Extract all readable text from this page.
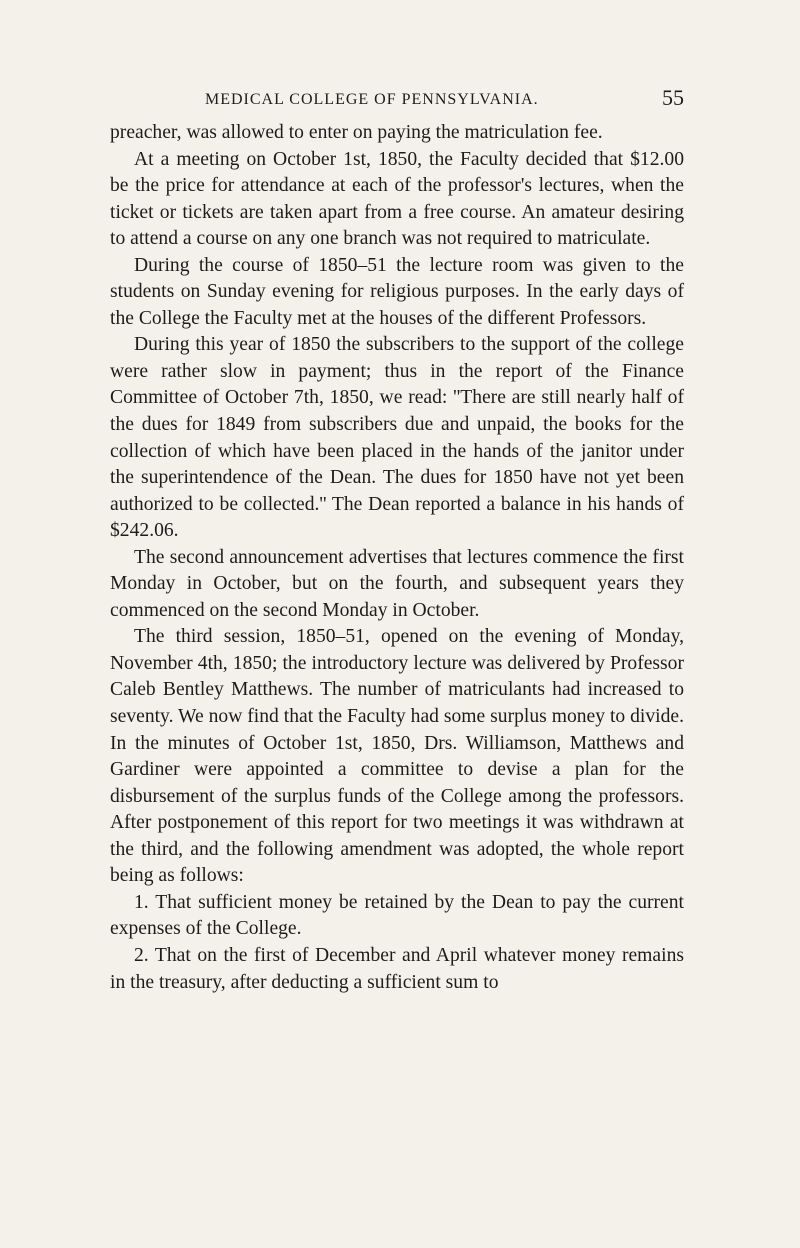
MEDICAL COLLEGE OF PENNSYLVANIA.	55

preacher, was allowed to enter on paying the matriculation fee.

At a meeting on October 1st, 1850, the Faculty decided that $12.00 be the price for attendance at each of the professor's lectures, when the ticket or tickets are taken apart from a free course. An amateur desiring to attend a course on any one branch was not required to matriculate.

During the course of 1850–51 the lecture room was given to the students on Sunday evening for religious purposes. In the early days of the College the Faculty met at the houses of the different Professors.

During this year of 1850 the subscribers to the support of the college were rather slow in payment; thus in the report of the Finance Committee of October 7th, 1850, we read: ''There are still nearly half of the dues for 1849 from subscribers due and unpaid, the books for the collection of which have been placed in the hands of the janitor under the superintendence of the Dean. The dues for 1850 have not yet been authorized to be collected.'' The Dean reported a balance in his hands of $242.06.

The second announcement advertises that lectures commence the first Monday in October, but on the fourth, and subsequent years they commenced on the second Monday in October.

The third session, 1850–51, opened on the evening of Monday, November 4th, 1850; the introductory lecture was delivered by Professor Caleb Bentley Matthews. The number of matriculants had increased to seventy. We now find that the Faculty had some surplus money to divide. In the minutes of October 1st, 1850, Drs. Williamson, Matthews and Gardiner were appointed a committee to devise a plan for the disbursement of the surplus funds of the College among the professors. After postponement of this report for two meetings it was withdrawn at the third, and the following amendment was adopted, the whole report being as follows:

1. That sufficient money be retained by the Dean to pay the current expenses of the College.

2. That on the first of December and April whatever money remains in the treasury, after deducting a sufficient sum to
